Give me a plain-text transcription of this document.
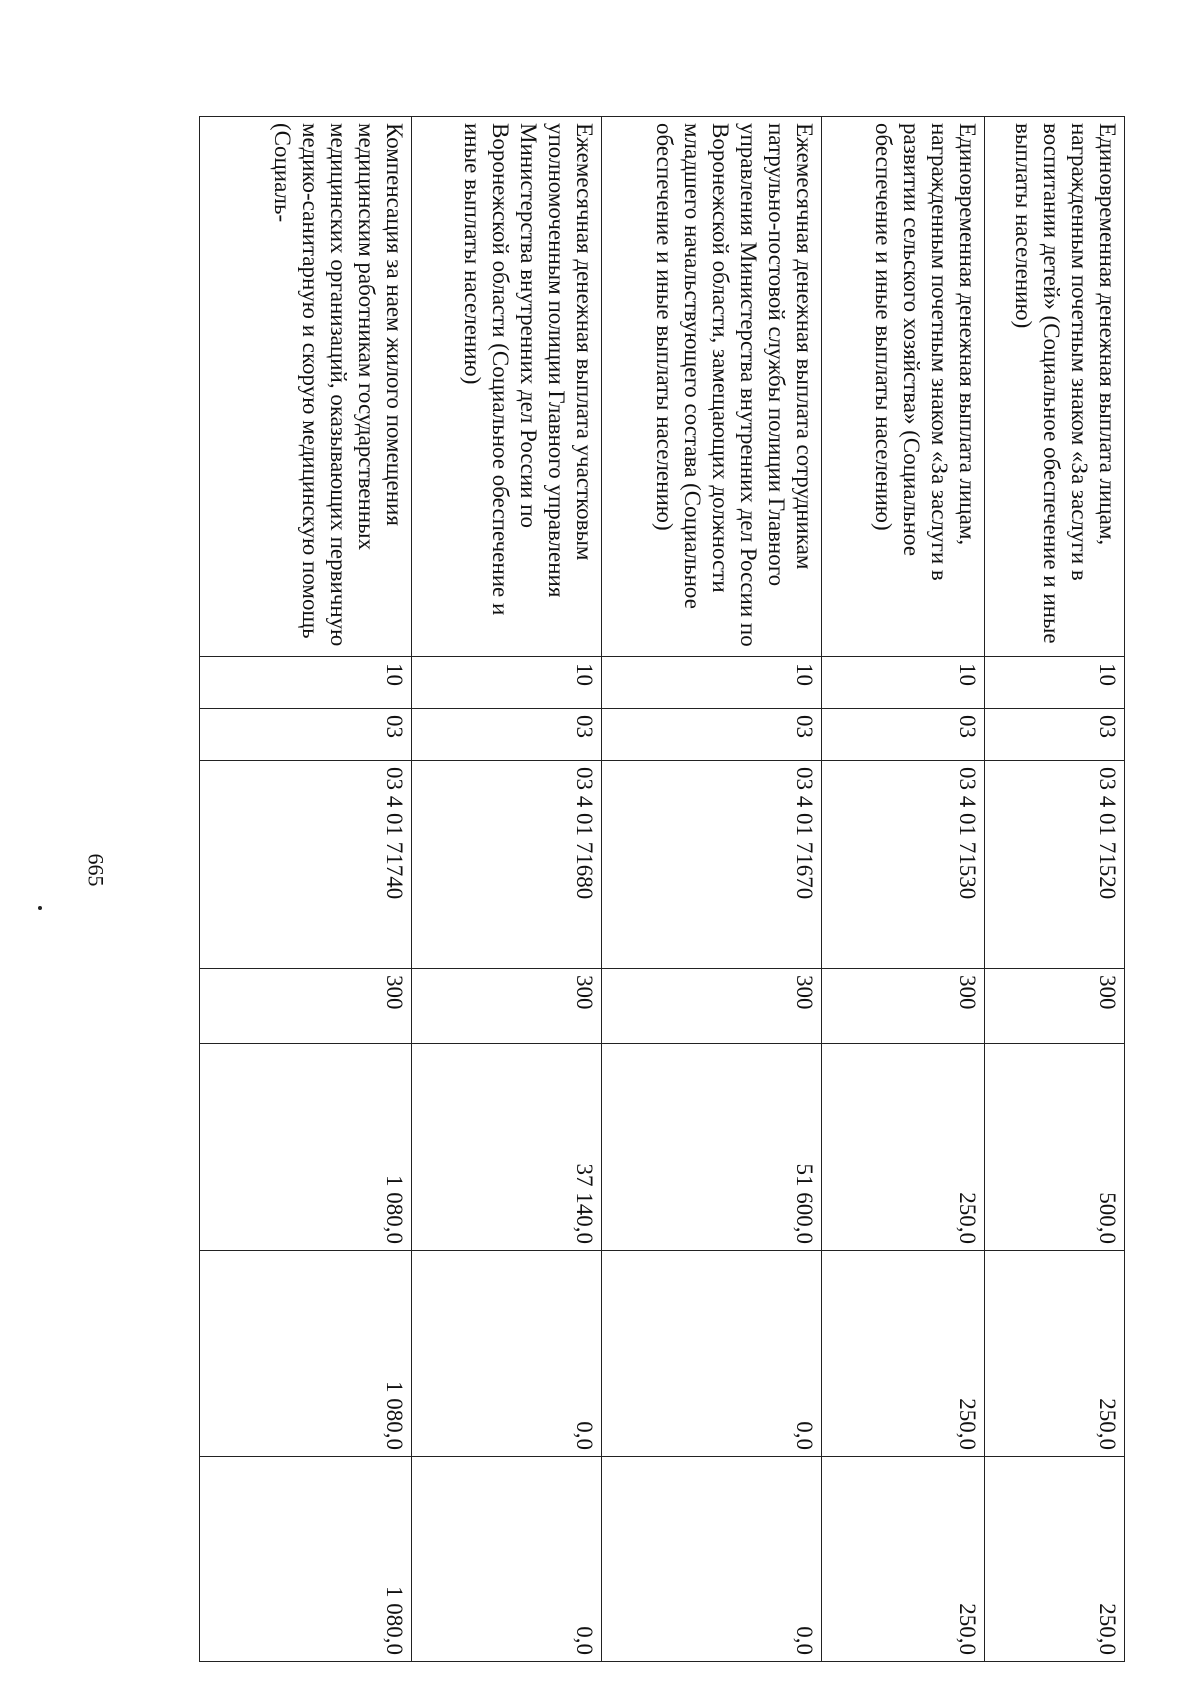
665
Единовременная денежная выплата лицам, награжденным почетным знаком «За заслуги в воспитании детей» (Социальное обеспечение и иные выплаты населению)	10	03	03 4 01 71520	300	500,0	250,0	250,0
Единовременная денежная выплата лицам, награжденным почетным знаком «За заслуги в развитии сельского хозяйства» (Социальное обеспечение и иные выплаты населению)	10	03	03 4 01 71530	300	250,0	250,0	250,0
Ежемесячная денежная выплата сотрудникам патрульно-постовой службы полиции Главного управления Министерства внутренних дел России по Воронежской области, замещающих должности младшего начальствующего состава (Социальное обеспечение и иные выплаты населению)	10	03	03 4 01 71670	300	51 600,0	0,0	0,0
Ежемесячная денежная выплата участковым уполномоченным полиции Главного управления Министерства внутренних дел России по Воронежской области (Социальное обеспечение и иные выплаты населению)	10	03	03 4 01 71680	300	37 140,0	0,0	0,0
Компенсация за наем жилого помещения медицинским работникам государственных медицинских организаций, оказывающих первичную медико-санитарную и скорую медицинскую помощь (Социаль-	10	03	03 4 01 71740	300	1 080,0	1 080,0	1 080,0
